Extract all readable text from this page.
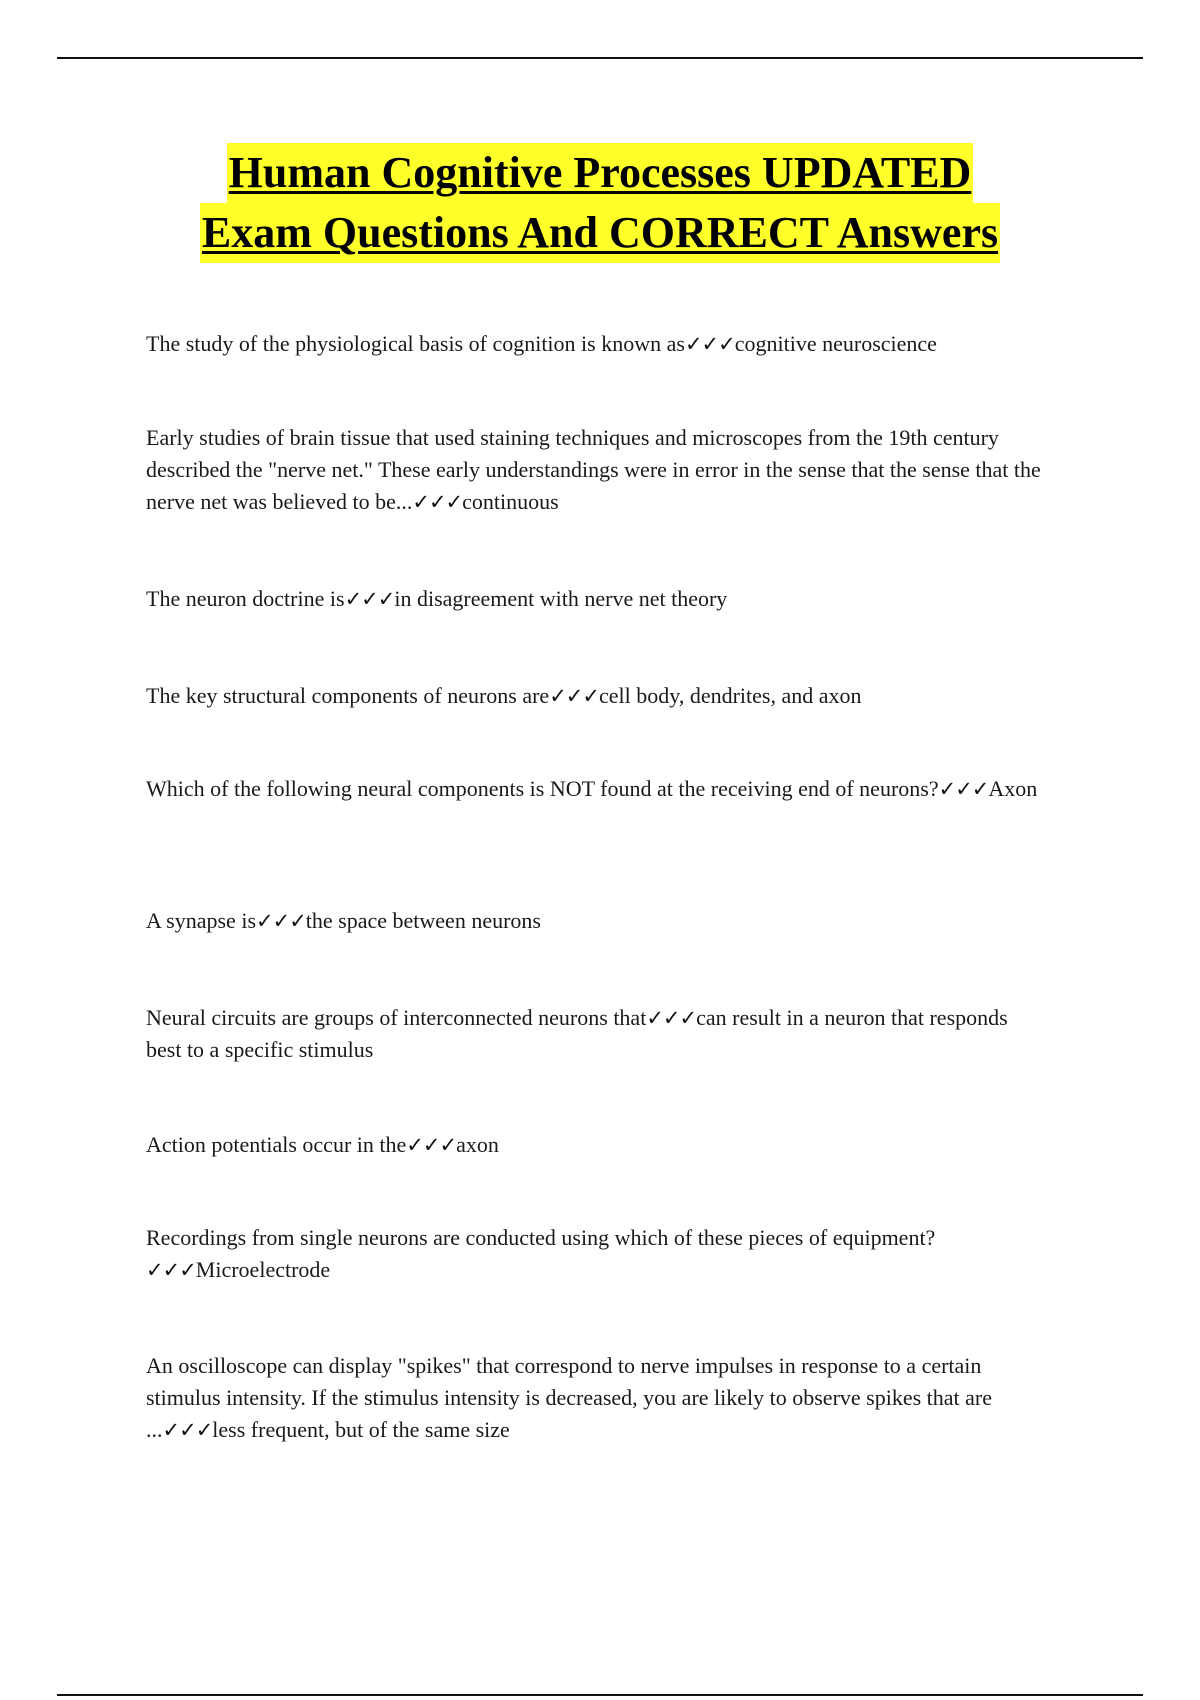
Human Cognitive Processes UPDATED
Exam Questions And CORRECT Answers

The study of the physiological basis of cognition is known as✓✓✓cognitive neuroscience

Early studies of brain tissue that used staining techniques and microscopes from the 19th century described the "nerve net." These early understandings were in error in the sense that the sense that the nerve net was believed to be...✓✓✓continuous

The neuron doctrine is✓✓✓in disagreement with nerve net theory

The key structural components of neurons are✓✓✓cell body, dendrites, and axon

Which of the following neural components is NOT found at the receiving end of neurons?✓✓✓Axon

A synapse is✓✓✓the space between neurons

Neural circuits are groups of interconnected neurons that✓✓✓can result in a neuron that responds best to a specific stimulus

Action potentials occur in the✓✓✓axon

Recordings from single neurons are conducted using which of these pieces of equipment?✓✓✓Microelectrode

An oscilloscope can display "spikes" that correspond to nerve impulses in response to a certain stimulus intensity. If the stimulus intensity is decreased, you are likely to observe spikes that are ...✓✓✓less frequent, but of the same size
